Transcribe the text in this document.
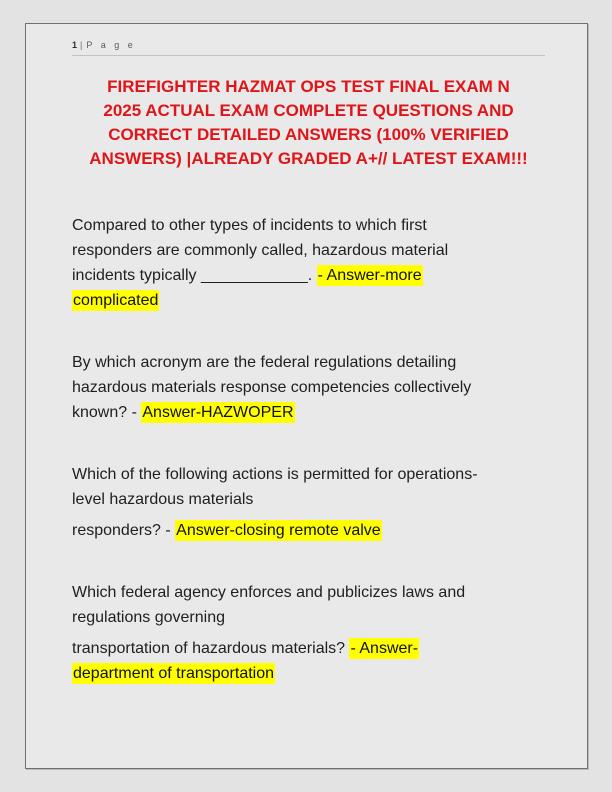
1 | P a g e
FIREFIGHTER HAZMAT OPS TEST FINAL EXAM N
2025 ACTUAL EXAM COMPLETE QUESTIONS AND
CORRECT DETAILED ANSWERS (100% VERIFIED
ANSWERS) |ALREADY GRADED A+// LATEST EXAM!!!
Compared to other types of incidents to which first
responders are commonly called, hazardous material
incidents typically ____________. - Answer-more
complicated
By which acronym are the federal regulations detailing
hazardous materials response competencies collectively
known? - Answer-HAZWOPER
Which of the following actions is permitted for operations-
level hazardous materials
responders? - Answer-closing remote valve
Which federal agency enforces and publicizes laws and
regulations governing
transportation of hazardous materials? - Answer-
department of transportation
